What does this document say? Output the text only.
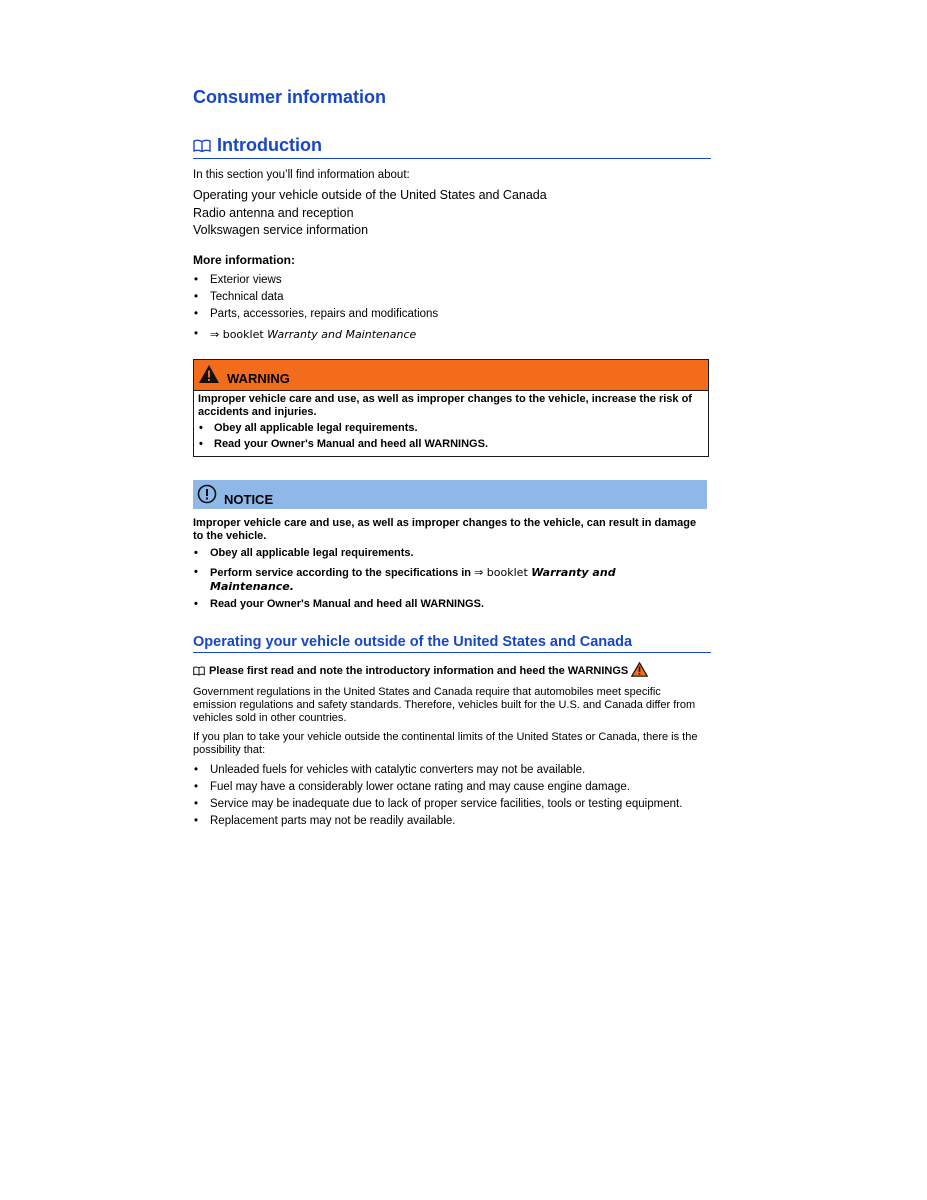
Consumer information
Introduction
In this section you’ll find information about:
Operating your vehicle outside of the United States and Canada
Radio antenna and reception
Volkswagen service information
More information:
• Exterior views
• Technical data
• Parts, accessories, repairs and modifications
• ⇒ booklet Warranty and Maintenance
WARNING
Improper vehicle care and use, as well as improper changes to the vehicle, increase the risk of accidents and injuries.
• Obey all applicable legal requirements.
• Read your Owner's Manual and heed all WARNINGS.
NOTICE
Improper vehicle care and use, as well as improper changes to the vehicle, can result in damage to the vehicle.
• Obey all applicable legal requirements.
• Perform service according to the specifications in ⇒ booklet Warranty and Maintenance.
• Read your Owner's Manual and heed all WARNINGS.
Operating your vehicle outside of the United States and Canada
Please first read and note the introductory information and heed the WARNINGS

Government regulations in the United States and Canada require that automobiles meet specific emission regulations and safety standards. Therefore, vehicles built for the U.S. and Canada differ from vehicles sold in other countries.

If you plan to take your vehicle outside the continental limits of the United States or Canada, there is the possibility that:

• Unleaded fuels for vehicles with catalytic converters may not be available.
• Fuel may have a considerably lower octane rating and may cause engine damage.
• Service may be inadequate due to lack of proper service facilities, tools or testing equipment.
• Replacement parts may not be readily available.
